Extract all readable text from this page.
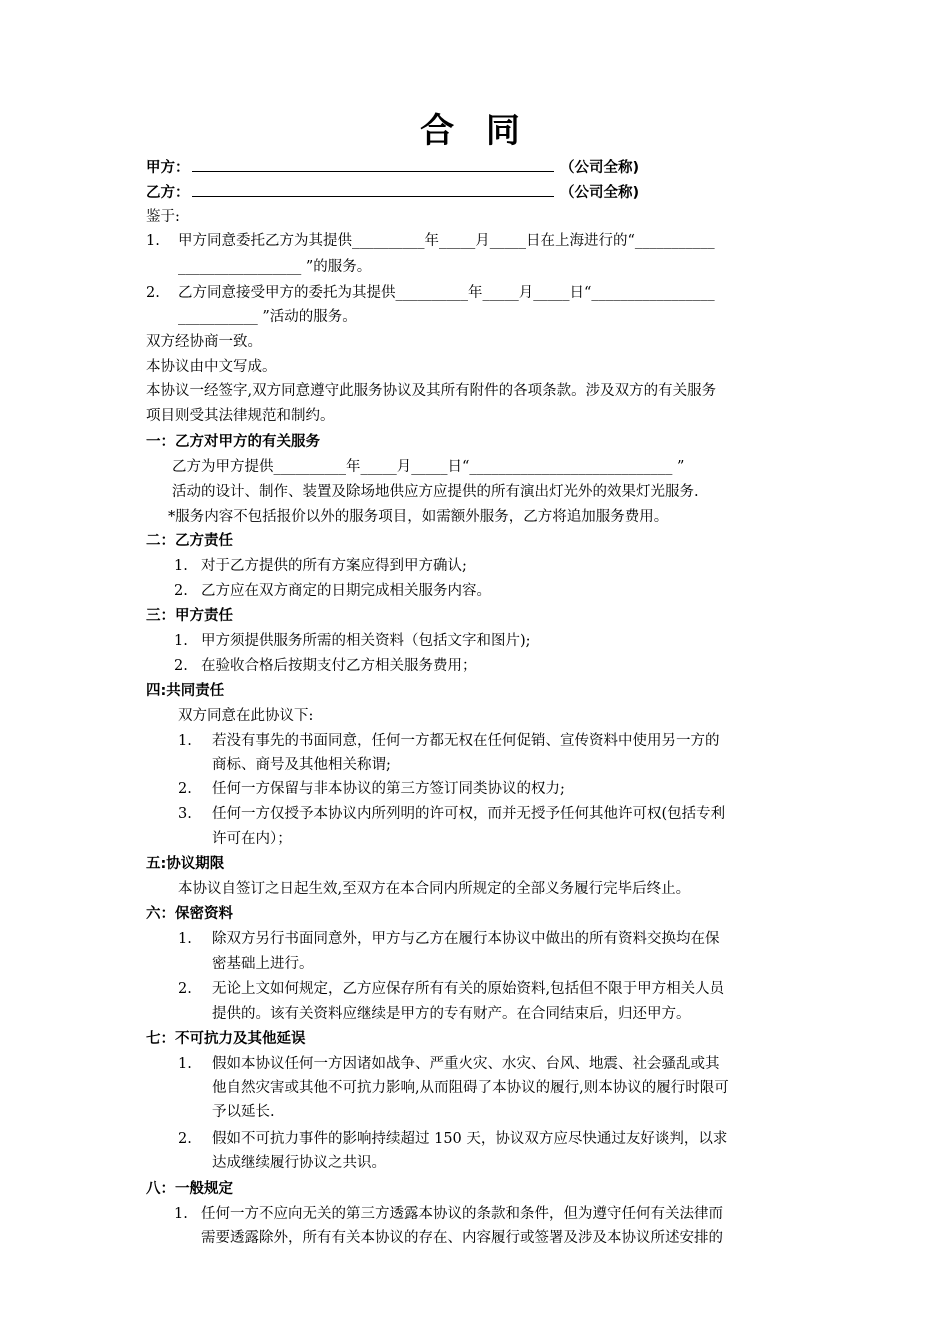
合 同
甲方：	（公司全称)
乙方：	（公司全称)
鉴于:
1. 甲方同意委托乙方为其提供__________年_____月_____日在上海进行的“___________
_________________ ”的服务。
2. 乙方同意接受甲方的委托为其提供__________年_____月_____日“_________________
___________ ”活动的服务。
双方经协商一致。
本协议由中文写成。
本协议一经签字,双方同意遵守此服务协议及其所有附件的各项条款。涉及双方的有关服务
项目则受其法律规范和制约。
一：乙方对甲方的有关服务
乙方为甲方提供__________年_____月_____日“____________________________ ”
活动的设计、制作、装置及除场地供应方应提供的所有演出灯光外的效果灯光服务.
*服务内容不包括报价以外的服务项目，如需额外服务，乙方将追加服务费用。
二：乙方责任
1. 对于乙方提供的所有方案应得到甲方确认;
2. 乙方应在双方商定的日期完成相关服务内容。
三：甲方责任
1. 甲方须提供服务所需的相关资料（包括文字和图片);
2. 在验收合格后按期支付乙方相关服务费用；
四:共同责任
双方同意在此协议下:
1. 若没有事先的书面同意，任何一方都无权在任何促销、宣传资料中使用另一方的
商标、商号及其他相关称谓;
2. 任何一方保留与非本协议的第三方签订同类协议的权力;
3. 任何一方仅授予本协议内所列明的许可权，而并无授予任何其他许可权(包括专利
许可在内）；
五:协议期限
本协议自签订之日起生效,至双方在本合同内所规定的全部义务履行完毕后终止。
六：保密资料
1. 除双方另行书面同意外，甲方与乙方在履行本协议中做出的所有资料交换均在保
密基础上进行。
2. 无论上文如何规定，乙方应保存所有有关的原始资料,包括但不限于甲方相关人员
提供的。该有关资料应继续是甲方的专有财产。在合同结束后，归还甲方。
七：不可抗力及其他延误
1. 假如本协议任何一方因诸如战争、严重火灾、水灾、台风、地震、社会骚乱或其
他自然灾害或其他不可抗力影响,从而阻碍了本协议的履行,则本协议的履行时限可
予以延长.
2. 假如不可抗力事件的影响持续超过 150 天，协议双方应尽快通过友好谈判，以求
达成继续履行协议之共识。
八：一般规定
1. 任何一方不应向无关的第三方透露本协议的条款和条件，但为遵守任何有关法律而
需要透露除外，所有有关本协议的存在、内容履行或签署及涉及本协议所述安排的
